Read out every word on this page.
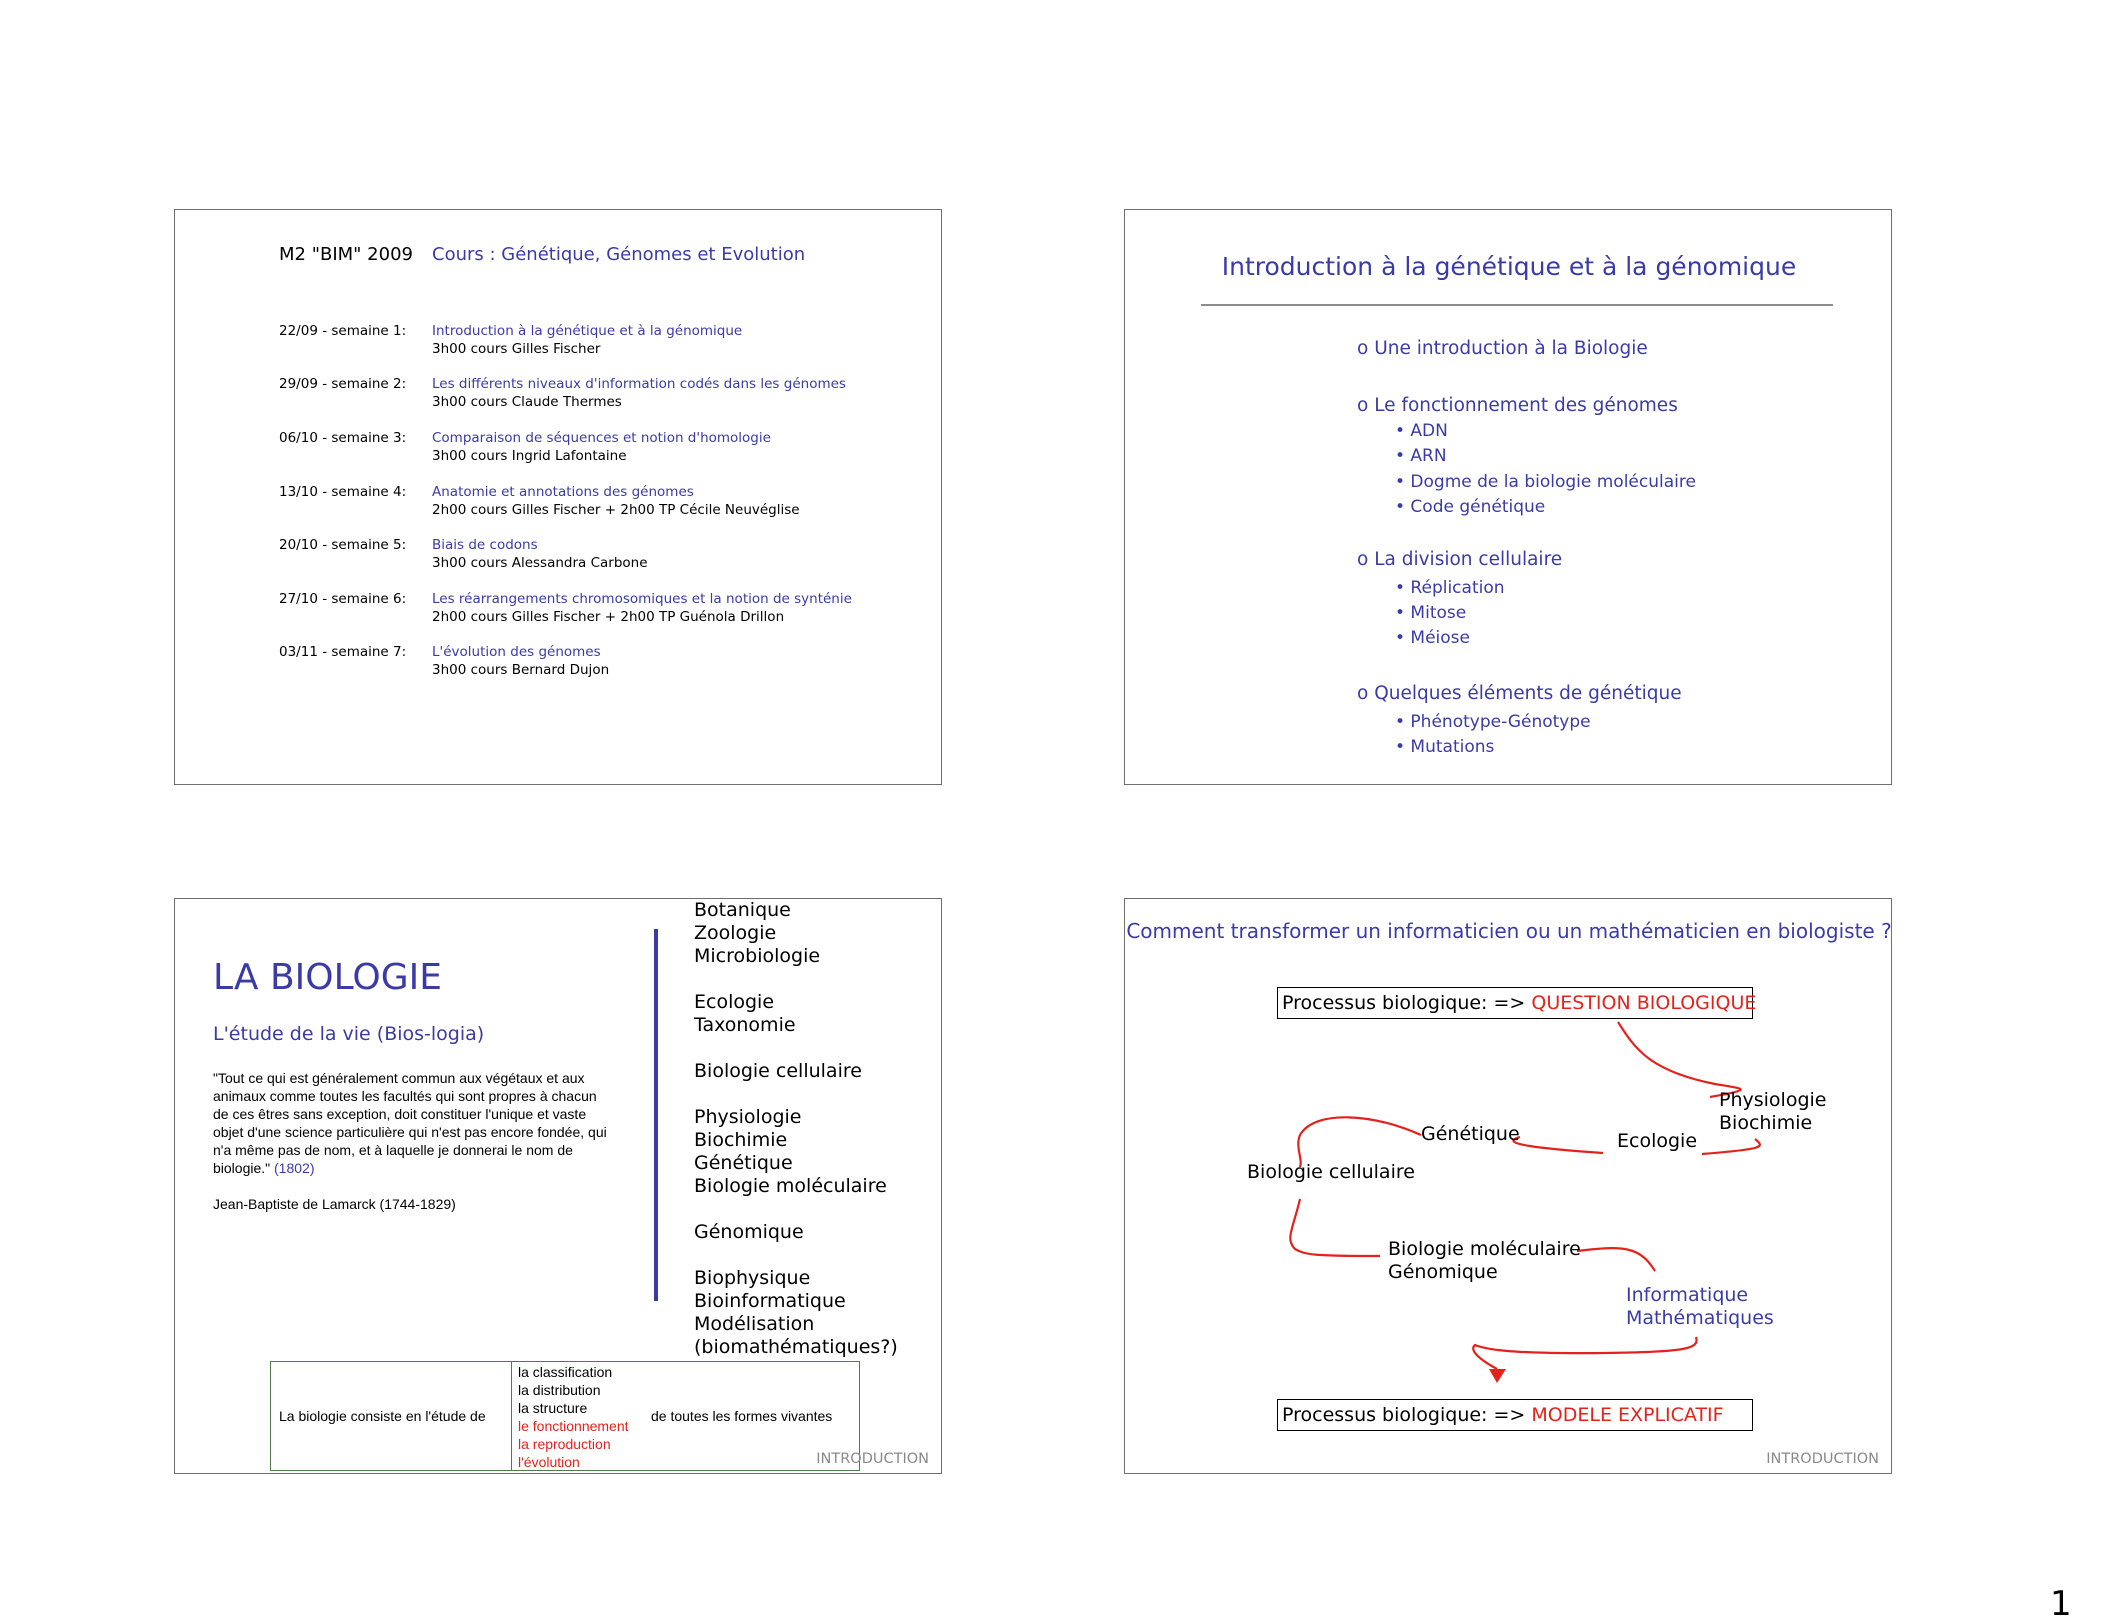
M2 "BIM" 2009 Cours : Génétique, Génomes et Evolution
22/09 - semaine 1: Introduction à la génétique et à la génomique
3h00 cours Gilles Fischer
29/09 - semaine 2: Les différents niveaux d'information codés dans les génomes
3h00 cours Claude Thermes
06/10 - semaine 3: Comparaison de séquences et notion d'homologie
3h00 cours Ingrid Lafontaine
13/10 - semaine 4: Anatomie et annotations des génomes
2h00 cours Gilles Fischer + 2h00 TP Cécile Neuvéglise
20/10 - semaine 5: Biais de codons
3h00 cours Alessandra Carbone
27/10 - semaine 6: Les réarrangements chromosomiques et la notion de synténie
2h00 cours Gilles Fischer + 2h00 TP Guénola Drillon
03/11 - semaine 7: L'évolution des génomes
3h00 cours Bernard Dujon
Introduction à la génétique et à la génomique
o Une introduction à la Biologie
o Le fonctionnement des génomes
• ADN
• ARN
• Dogme de la biologie moléculaire
• Code génétique
o La division cellulaire
• Réplication
• Mitose
• Méiose
o Quelques éléments de génétique
• Phénotype-Génotype
• Mutations
LA BIOLOGIE
L'étude de la vie (Bios-logia)
"Tout ce qui est généralement commun aux végétaux et aux animaux comme toutes les facultés qui sont propres à chacun de ces êtres sans exception, doit constituer l'unique et vaste objet d'une science particulière qui n'est pas encore fondée, qui n'a même pas de nom, et à laquelle je donnerai le nom de biologie." (1802)
Jean-Baptiste de Lamarck (1744-1829)
Botanique
Zoologie
Microbiologie
Ecologie
Taxonomie
Biologie cellulaire
Physiologie
Biochimie
Génétique
Biologie moléculaire
Génomique
Biophysique
Bioinformatique
Modélisation
(biomathématiques?)
La biologie consiste en l'étude de
la classification
la distribution
la structure
le fonctionnement
la reproduction
l'évolution
de toutes les formes vivantes
INTRODUCTION
Comment transformer un informaticien ou un mathématicien en biologiste ?
Processus biologique: => QUESTION BIOLOGIQUE
Physiologie
Biochimie
Génétique	Ecologie
Biologie cellulaire
Biologie moléculaire
Génomique
Informatique
Mathématiques
Processus biologique: => MODELE EXPLICATIF
INTRODUCTION
1
